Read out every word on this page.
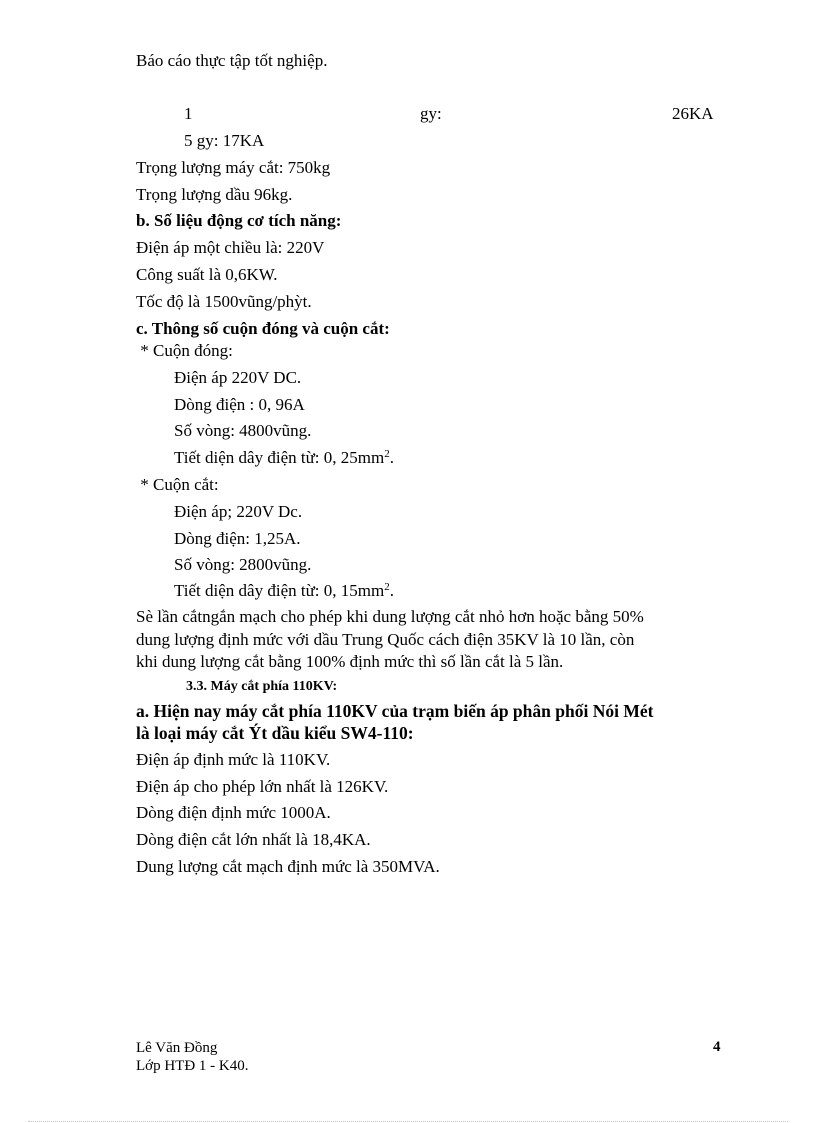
Báo cáo thực tập tốt nghiệp.
1	gy:	26KA
5 gy: 17KA
Trọng lượng máy cắt: 750kg
Trọng lượng dầu 96kg.
b. Số liệu động cơ tích năng:
Điện áp một chiều là: 220V
Công suất là 0,6KW.
Tốc độ là 1500vũng/phỳt.
c. Thông số cuộn đóng và cuộn cắt:
* Cuộn đóng:
Điện áp 220V DC.
Dòng điện : 0, 96A
Số vòng: 4800vũng.
Tiết diện dây điện từ: 0, $25mm^2$.
* Cuộn cắt:
Điện áp; 220V Dc.
Dòng điện: 1,25A.
Số vòng: 2800vũng.
Tiết diện dây điện từ: 0, $15mm^2$.
Sè lần cắtngắn mạch cho phép khi dung lượng cắt nhỏ hơn hoặc bằng 50%
dung lượng định mức với dầu Trung Quốc cách điện 35KV là 10 lần, còn
khi dung lượng cắt bằng 100% định mức thì số lần cắt là 5 lần.
3.3. Máy cắt phía 110KV:
a. Hiện nay máy cắt phía 110KV của trạm biến áp phân phối Nói Mét
là loại máy cắt Ýt dầu kiểu SW4-110:
Điện áp định mức là 110KV.
Điện áp cho phép lớn nhất là 126KV.
Dòng điện định mức 1000A.
Dòng điện cắt lớn nhất là 18,4KA.
Dung lượng cắt mạch định mức là 350MVA.
Lê Văn Đồng
Lớp HTĐ 1 - K40.
4
